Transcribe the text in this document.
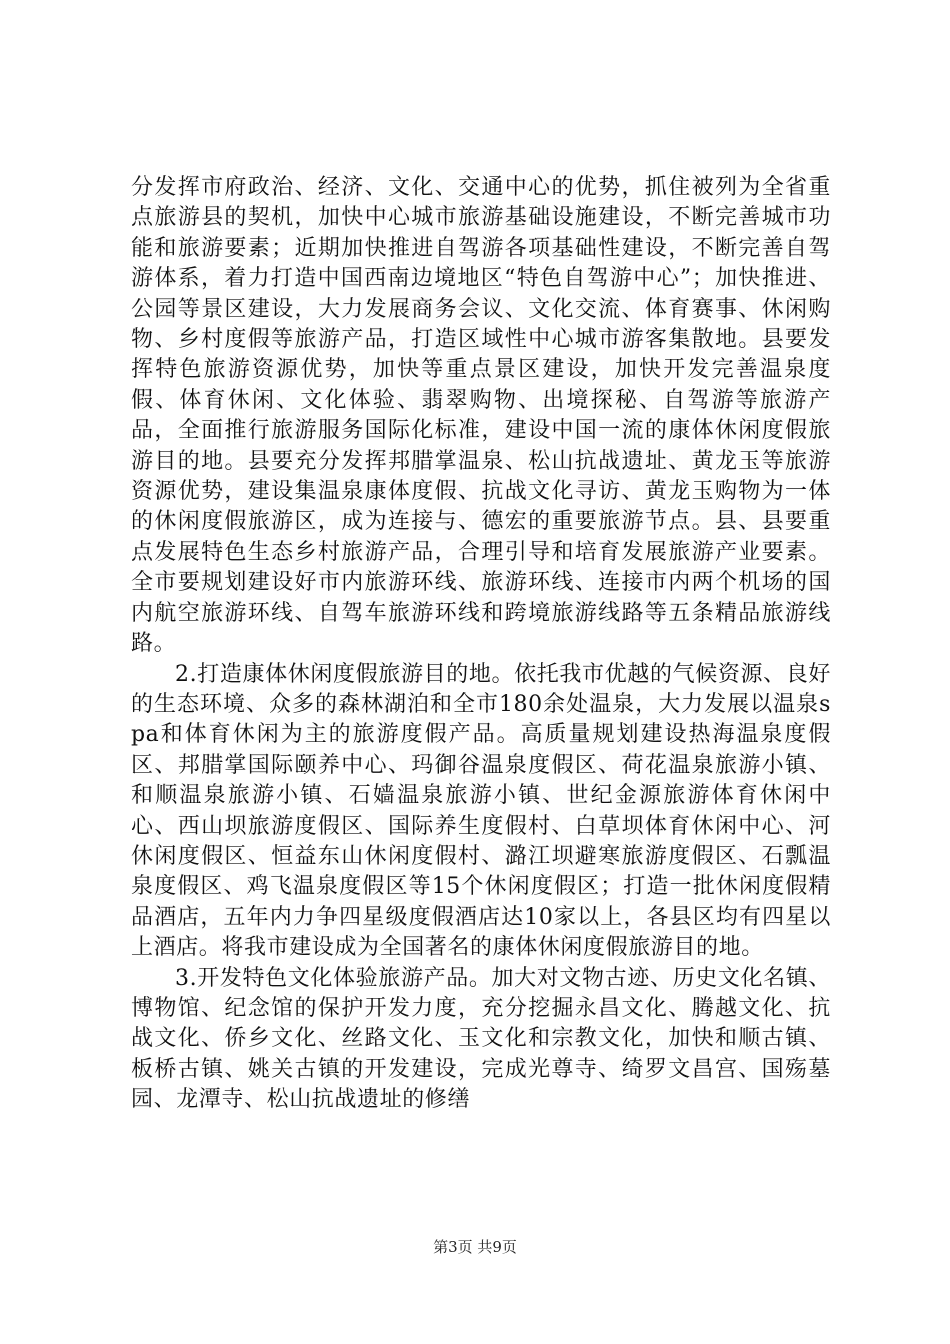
分发挥市府政治、经济、文化、交通中心的优势，抓住被列为全省重点旅游县的契机，加快中心城市旅游基础设施建设，不断完善城市功能和旅游要素；近期加快推进自驾游各项基础性建设，不断完善自驾游体系，着力打造中国西南边境地区“特色自驾游中心”；加快推进、公园等景区建设，大力发展商务会议、文化交流、体育赛事、休闲购物、乡村度假等旅游产品，打造区域性中心城市游客集散地。县要发挥特色旅游资源优势，加快等重点景区建设，加快开发完善温泉度假、体育休闲、文化体验、翡翠购物、出境探秘、自驾游等旅游产品，全面推行旅游服务国际化标准，建设中国一流的康体休闲度假旅游目的地。县要充分发挥邦腊掌温泉、松山抗战遗址、黄龙玉等旅游资源优势，建设集温泉康体度假、抗战文化寻访、黄龙玉购物为一体的休闲度假旅游区，成为连接与、德宏的重要旅游节点。县、县要重点发展特色生态乡村旅游产品，合理引导和培育发展旅游产业要素。全市要规划建设好市内旅游环线、旅游环线、连接市内两个机场的国内航空旅游环线、自驾车旅游环线和跨境旅游线路等五条精品旅游线路。

2.打造康体休闲度假旅游目的地。依托我市优越的气候资源、良好的生态环境、众多的森林湖泊和全市180余处温泉，大力发展以温泉spa和体育休闲为主的旅游度假产品。高质量规划建设热海温泉度假区、邦腊掌国际颐养中心、玛御谷温泉度假区、荷花温泉旅游小镇、和顺温泉旅游小镇、石嫱温泉旅游小镇、世纪金源旅游体育休闲中心、西山坝旅游度假区、国际养生度假村、白草坝体育休闲中心、河休闲度假区、恒益东山休闲度假村、潞江坝避寒旅游度假区、石瓢温泉度假区、鸡飞温泉度假区等15个休闲度假区；打造一批休闲度假精品酒店，五年内力争四星级度假酒店达10家以上，各县区均有四星以上酒店。将我市建设成为全国著名的康体休闲度假旅游目的地。

3.开发特色文化体验旅游产品。加大对文物古迹、历史文化名镇、博物馆、纪念馆的保护开发力度，充分挖掘永昌文化、腾越文化、抗战文化、侨乡文化、丝路文化、玉文化和宗教文化，加快和顺古镇、板桥古镇、姚关古镇的开发建设，完成光尊寺、绮罗文昌宫、国殇墓园、龙潭寺、松山抗战遗址的修缮

第3页 共9页
